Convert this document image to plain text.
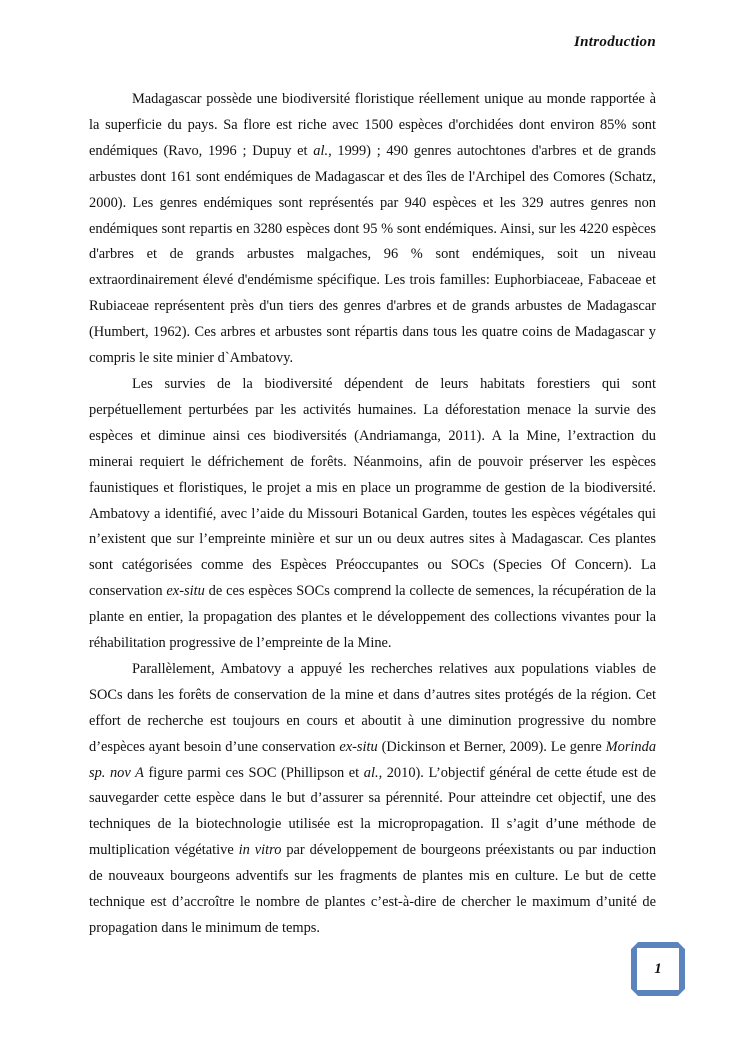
Introduction

Madagascar possède une biodiversité floristique réellement unique au monde rapportée à la superficie du pays. Sa flore est riche avec 1500 espèces d'orchidées dont environ 85% sont endémiques (Ravo, 1996 ; Dupuy et al., 1999) ; 490 genres autochtones d'arbres et de grands arbustes dont 161 sont endémiques de Madagascar et des îles de l'Archipel des Comores (Schatz, 2000). Les genres endémiques sont représentés par 940 espèces et les 329 autres genres non endémiques sont repartis en 3280 espèces dont 95 % sont endémiques. Ainsi, sur les 4220 espèces d'arbres et de grands arbustes malgaches, 96 % sont endémiques, soit un niveau extraordinairement élevé d'endémisme spécifique. Les trois familles: Euphorbiaceae, Fabaceae et Rubiaceae représentent près d'un tiers des genres d'arbres et de grands arbustes de Madagascar (Humbert, 1962). Ces arbres et arbustes sont répartis dans tous les quatre coins de Madagascar y compris le site minier d`Ambatovy.

Les survies de la biodiversité dépendent de leurs habitats forestiers qui sont perpétuellement perturbées par les activités humaines. La déforestation menace la survie des espèces et diminue ainsi ces biodiversités (Andriamanga, 2011). A la Mine, l’extraction du minerai requiert le défrichement de forêts. Néanmoins, afin de pouvoir préserver les espèces faunistiques et floristiques, le projet a mis en place un programme de gestion de la biodiversité. Ambatovy a identifié, avec l’aide du Missouri Botanical Garden, toutes les espèces végétales qui n’existent que sur l’empreinte minière et sur un ou deux autres sites à Madagascar. Ces plantes sont catégorisées comme des Espèces Préoccupantes ou SOCs (Species Of Concern). La conservation ex-situ de ces espèces SOCs comprend la collecte de semences, la récupération de la plante en entier, la propagation des plantes et le développement des collections vivantes pour la réhabilitation progressive de l’empreinte de la Mine.

Parallèlement, Ambatovy a appuyé les recherches relatives aux populations viables de SOCs dans les forêts de conservation de la mine et dans d’autres sites protégés de la région. Cet effort de recherche est toujours en cours et aboutit à une diminution progressive du nombre d’espèces ayant besoin d’une conservation ex-situ (Dickinson et Berner, 2009). Le genre Morinda sp. nov A figure parmi ces SOC (Phillipson et al., 2010). L’objectif général de cette étude est de sauvegarder cette espèce dans le but d’assurer sa pérennité. Pour atteindre cet objectif, une des techniques de la biotechnologie utilisée est la micropropagation. Il s’agit d’une méthode de multiplication végétative in vitro par développement de bourgeons préexistants ou par induction de nouveaux bourgeons adventifs sur les fragments de plantes mis en culture. Le but de cette technique est d’accroître le nombre de plantes c’est-à-dire de chercher le maximum d’unité de propagation dans le minimum de temps.

1
